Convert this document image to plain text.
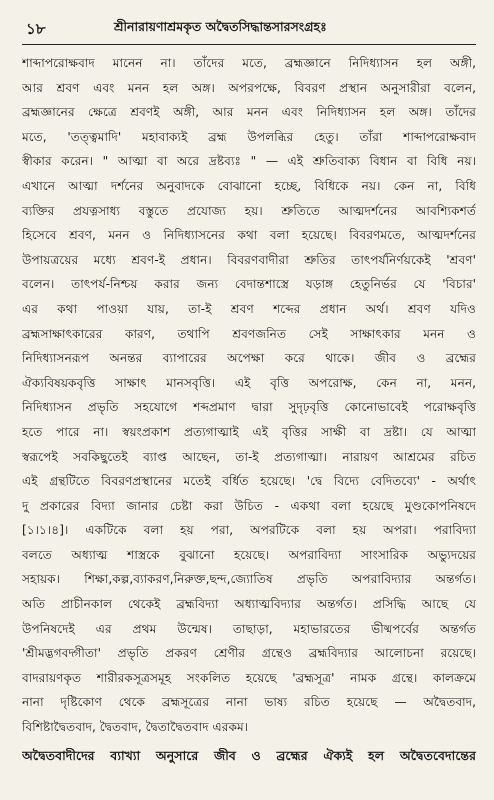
১৮	শ্রীনারায়ণাশ্রমকৃত অদ্বৈতসিদ্ধান্তসারসংগ্রহঃ
শাব্দাপরোক্ষবাদ মানেন না। তাঁদের মতে, ব্রহ্মজ্ঞানে নিদিধ্যাসন হল অঙ্গী,
আর শ্রবণ এবং মনন হল অঙ্গ। অপরপক্ষে, বিবরণ প্রস্থান অনুসারীরা বলেন,
ব্রহ্মজ্ঞানের ক্ষেত্রে শ্রবণই অঙ্গী, আর মনন এবং নিদিধ্যাসন হল অঙ্গ। তাঁদের
মতে, 'তত্ত্বমাদি' মহাবাক্যই ব্রহ্ম উপলব্ধির হেতু। তাঁরা শাব্দাপরোক্ষবাদ
স্বীকার করেন। " আত্মা বা অরে দ্রষ্টব্যঃ " — এই শ্রুতিবাক্য বিধান বা বিধি নয়।
এখানে আত্মা দর্শনের অনুবাদকে বোঝানো হচ্ছে, বিধিকে নয়। কেন না, বিধি
ব্যক্তির প্রযত্নসাধ্য বস্তুতে প্রযোজ্য হয়। শ্রুতিতে আত্মদর্শনের আবশ্যিকশর্ত
হিসেবে শ্রবণ, মনন ও নিদিধ্যাসনের কথা বলা হয়েছে। বিবরণমতে, আত্মদর্শনের
উপায়ত্রয়ের মধ্যে শ্রবণ-ই প্রধান। বিবরণবাদীরা শ্রুতির তাৎপর্যনির্ণয়কেই 'শ্রবণ'
বলেন। তাৎপর্য-নিশ্চয় করার জন্য বেদান্তশাস্ত্রে যড়াঙ্গ হেতুনির্ভর যে 'বিচার'
এর কথা পাওয়া যায়, তা-ই শ্রবণ শব্দের প্রধান অর্থ। শ্রবণ যদিও
ব্রহ্মসাক্ষাৎকারের কারণ, তথাপি শ্রবণজনিত সেই সাক্ষাৎকার মনন ও
নিদিধ্যাসনরূপ অনন্তর ব্যাপারের অপেক্ষা করে থাকে। জীব ও ব্রহ্মের
ঐক্যবিষয়কবৃত্তি সাক্ষাৎ মানসবৃত্তি। এই বৃত্তি অপরোক্ষ, কেন না, মনন,
নিদিধ্যাসন প্রভৃতি সহযোগে শব্দপ্রমাণ দ্বারা সুদৃঢ়বৃত্তি কোনোভাবেই পরোক্ষবৃত্তি
হতে পারে না। স্বয়ংপ্রকাশ প্রত্যগাত্মাই এই বৃত্তির সাক্ষী বা দ্রষ্টা। যে আত্মা
স্বরূপেই সবকিছুতেই ব্যাপ্ত আছেন, তা-ই প্রত্যগাত্মা। নারায়ণ আশ্রমের রচিত
এই গ্রন্থটিতে বিবরণপ্রস্থানের মতেই বর্ধিত হয়েছে। 'দ্বে বিদ্যে বেদিতব্যে' - অর্থাৎ
দু প্রকারের বিদ্যা জানার চেষ্টা করা উচিত - একথা বলা হয়েছে মুণ্ডকোপনিষদে
[১।১।৪]। একটিকে বলা হয় পরা, অপরটিকে বলা হয় অপরা। পরাবিদ্যা
বলতে অধ্যাত্ম শাস্ত্রকে বুঝানো হয়েছে। অপরাবিদ্যা সাংসারিক অভ্যুদয়ের
সহায়ক। শিক্ষা,কল্প,ব্যাকরণ,নিরুক্ত,ছন্দ,জ্যোতিষ প্রভৃতি অপরাবিদ্যার অন্তর্গত।
অতি প্রাচীনকাল থেকেই ব্রহ্মবিদ্যা অধ্যাত্মবিদ্যার অন্তর্গত। প্রসিদ্ধি আছে যে
উপনিষদেই এর প্রথম উন্মেষ। তাছাড়া, মহাভারতের ভীষ্মপর্বের অন্তর্গত
'শ্রীমদ্ভগবদ্গীতা' প্রভৃতি প্রকরণ শ্রেণীর গ্রন্থেও ব্রহ্মবিদ্যার আলোচনা রয়েছে।
বাদরায়ণকৃত শারীরকসূত্রসমূহ সংকলিত হয়েছে 'ব্রহ্মসূত্র' নামক গ্রন্থে। কালক্রমে
নানা দৃষ্টিকোণ থেকে ব্রহ্মসূত্রের নানা ভাষ্য রচিত হয়েছে — অদ্বৈতবাদ,
বিশিষ্টাদ্বৈতবাদ, দ্বৈতবাদ, দ্বৈতাদ্বৈতবাদ এরকম।
অদ্বৈতবাদীদের ব্যাখ্যা অনুসারে জীব ও ব্রহ্মের ঐক্যই হল অদ্বৈতবেদান্তের
